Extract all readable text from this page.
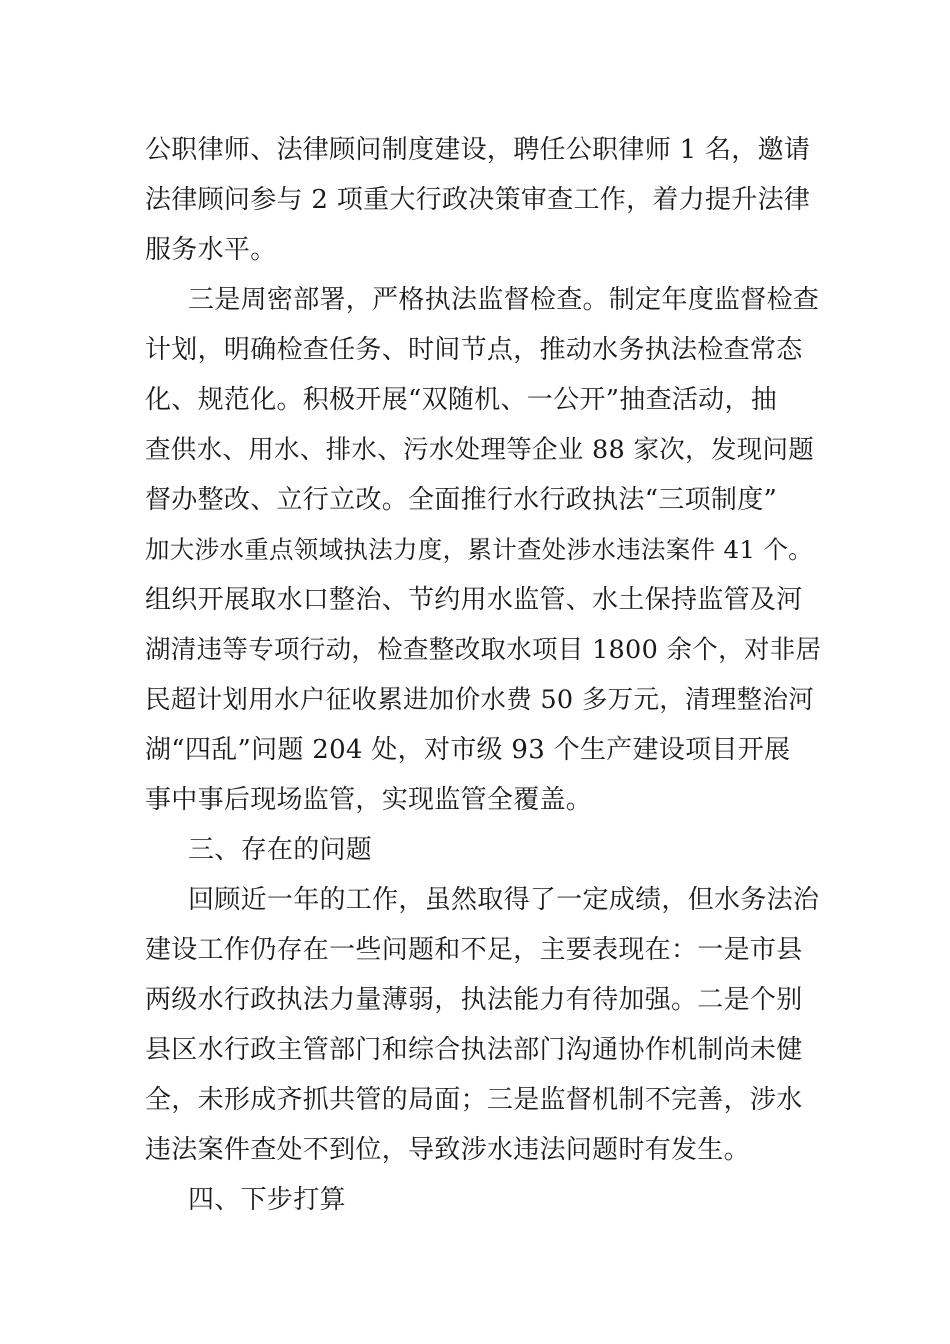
公职律师、法律顾问制度建设，聘任公职律师 1 名，邀请
法律顾问参与 2 项重大行政决策审查工作，着力提升法律
服务水平。
三是周密部署，严格执法监督检查。制定年度监督检查
计划，明确检查任务、时间节点，推动水务执法检查常态
化、规范化。积极开展“双随机、一公开”抽查活动，抽
查供水、用水、排水、污水处理等企业 88 家次，发现问题
督办整改、立行立改。全面推行水行政执法“三项制度”
加大涉水重点领域执法力度，累计查处涉水违法案件 41 个。
组织开展取水口整治、节约用水监管、水土保持监管及河
湖清违等专项行动，检查整改取水项目 1800 余个，对非居
民超计划用水户征收累进加价水费 50 多万元，清理整治河
湖“四乱”问题 204 处，对市级 93 个生产建设项目开展
事中事后现场监管，实现监管全覆盖。
三、存在的问题
回顾近一年的工作，虽然取得了一定成绩，但水务法治
建设工作仍存在一些问题和不足，主要表现在：一是市县
两级水行政执法力量薄弱，执法能力有待加强。二是个别
县区水行政主管部门和综合执法部门沟通协作机制尚未健
全，未形成齐抓共管的局面；三是监督机制不完善，涉水
违法案件查处不到位，导致涉水违法问题时有发生。
四、下步打算
